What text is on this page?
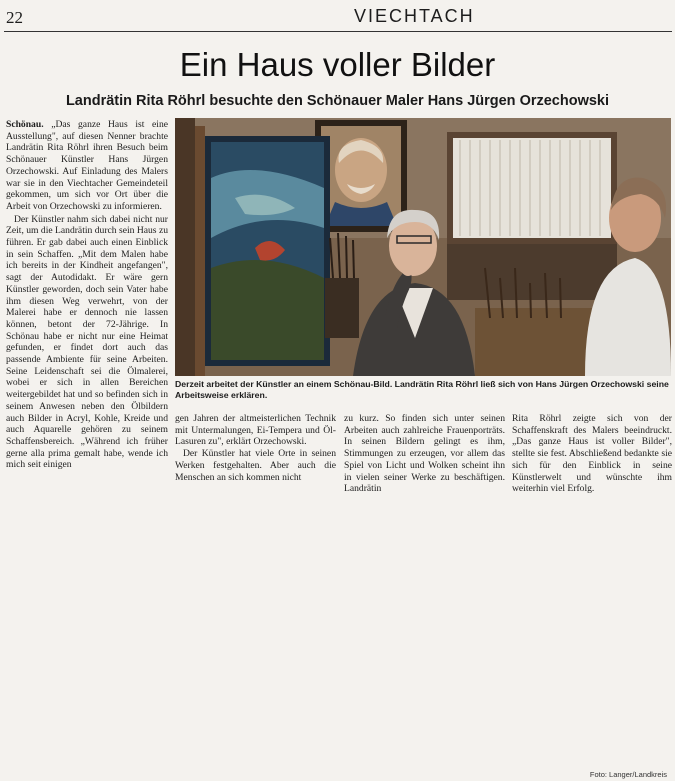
22	VIECHTACH
Ein Haus voller Bilder
Landrätin Rita Röhrl besuchte den Schönauer Maler Hans Jürgen Orzechowski

Schönau. „Das ganze Haus ist eine Ausstellung", auf diesen Nenner brachte Landrätin Rita Röhrl ihren Besuch beim Schönauer Künstler Hans Jürgen Orzechowski. Auf Einladung des Malers war sie in den Viechtacher Gemeindeteil gekommen, um sich vor Ort über die Arbeit von Orzechowski zu informieren.

Der Künstler nahm sich dabei nicht nur Zeit, um die Landrätin durch sein Haus zu führen. Er gab dabei auch einen Einblick in sein Schaffen. „Mit dem Malen habe ich bereits in der Kindheit angefangen", sagt der Autodidakt. Er wäre gern Künstler geworden, doch sein Vater habe ihm diesen Weg verwehrt, von der Malerei habe er dennoch nie lassen können, betont der 72-Jährige. In Schönau habe er nicht nur eine Heimat gefunden, er findet dort auch das passende Ambiente für seine Arbeiten. Seine Leidenschaft sei die Ölmalerei, wobei er sich in allen Bereichen weitergebildet hat und so befinden sich in seinem Anwesen neben den Ölbildern auch Bilder in Acryl, Kohle, Kreide und auch Aquarelle gehören zu seinem Schaffensbereich. „Während ich früher gerne alla prima gemalt habe, wende ich mich seit einigen

Derzeit arbeitet der Künstler an einem Schönau-Bild. Landrätin Rita Röhrl ließ sich von Hans Jürgen Orzechowski seine Arbeitsweise erklären.
Foto: Langer/Landkreis

gen Jahren der altmeisterlichen Technik mit Untermalungen, Ei-Tempera und Öl-Lasuren zu", erklärt Orzechowski.

Der Künstler hat viele Orte in seinen Werken festgehalten. Aber auch die Menschen an sich kommen nicht

zu kurz. So finden sich unter seinen Arbeiten auch zahlreiche Frauenporträts. In seinen Bildern gelingt es ihm, Stimmungen zu erzeugen, vor allem das Spiel von Licht und Wolken scheint ihn in vielen seiner Werke zu beschäftigen. Landrätin

Rita Röhrl zeigte sich von der Schaffenskraft des Malers beeindruckt. „Das ganze Haus ist voller Bilder", stellte sie fest. Abschließend bedankte sie sich für den Einblick in seine Künstlerwelt und wünschte ihm weiterhin viel Erfolg.
